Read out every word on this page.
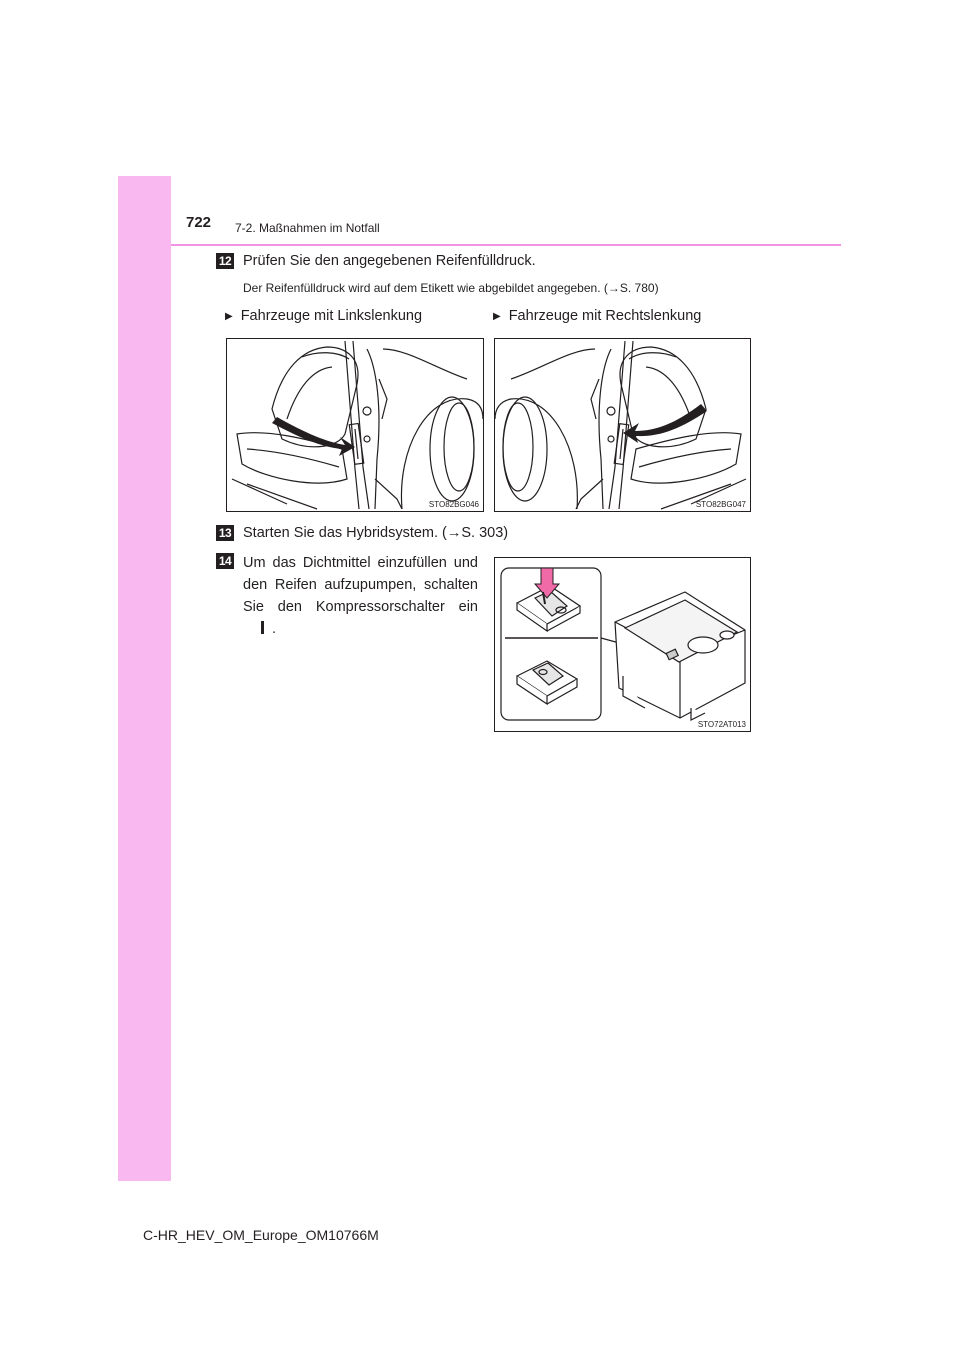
722 7-2. Maßnahmen im Notfall
12 Prüfen Sie den angegebenen Reifenfülldruck.
Der Reifenfülldruck wird auf dem Etikett wie abgebildet angegeben. (→S. 780)
▶ Fahrzeuge mit Linkslenkung	▶ Fahrzeuge mit Rechtslenkung
STO82BG046	STO82BG047
13 Starten Sie das Hybridsystem. (→S. 303)
14 Um das Dichtmittel einzufüllen und
den Reifen aufzupumpen, schalten
Sie den Kompressorschalter ein
.
STO72AT013
C-HR_HEV_OM_Europe_OM10766M
